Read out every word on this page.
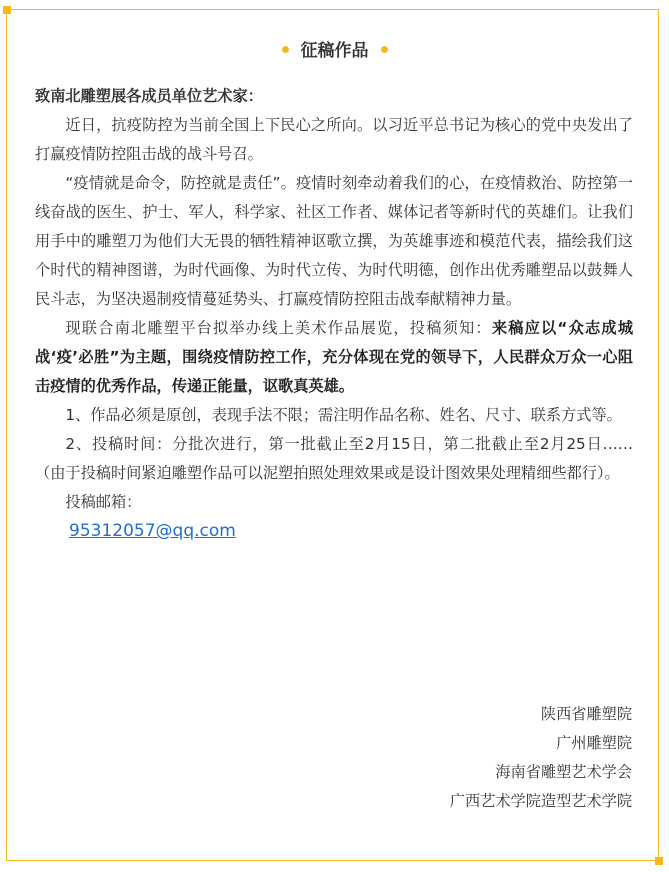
征稿作品

致南北雕塑展各成员单位艺术家：

近日，抗疫防控为当前全国上下民心之所向。以习近平总书记为核心的党中央发出了打赢疫情防控阻击战的战斗号召。

“疫情就是命令，防控就是责任”。疫情时刻牵动着我们的心，在疫情救治、防控第一线奋战的医生、护士、军人，科学家、社区工作者、媒体记者等新时代的英雄们。让我们用手中的雕塑刀为他们大无畏的牺牲精神讴歌立撰，为英雄事迹和模范代表，描绘我们这个时代的精神图谱，为时代画像、为时代立传、为时代明德，创作出优秀雕塑品以鼓舞人民斗志，为坚决遏制疫情蔓延势头、打赢疫情防控阻击战奉献精神力量。

现联合南北雕塑平台拟举办线上美术作品展览，投稿须知：来稿应以“众志成城 战‘疫’必胜”为主题，围绕疫情防控工作，充分体现在党的领导下，人民群众万众一心阻击疫情的优秀作品，传递正能量，讴歌真英雄。

1、作品必须是原创，表现手法不限；需注明作品名称、姓名、尺寸、联系方式等。

2、投稿时间：分批次进行，第一批截止至2月15日，第二批截止至2月25日……（由于投稿时间紧迫雕塑作品可以泥塑拍照处理效果或是设计图效果处理精细些都行）。

投稿邮箱：

95312057@qq.com

陕西省雕塑院
广州雕塑院
海南省雕塑艺术学会
广西艺术学院造型艺术学院
